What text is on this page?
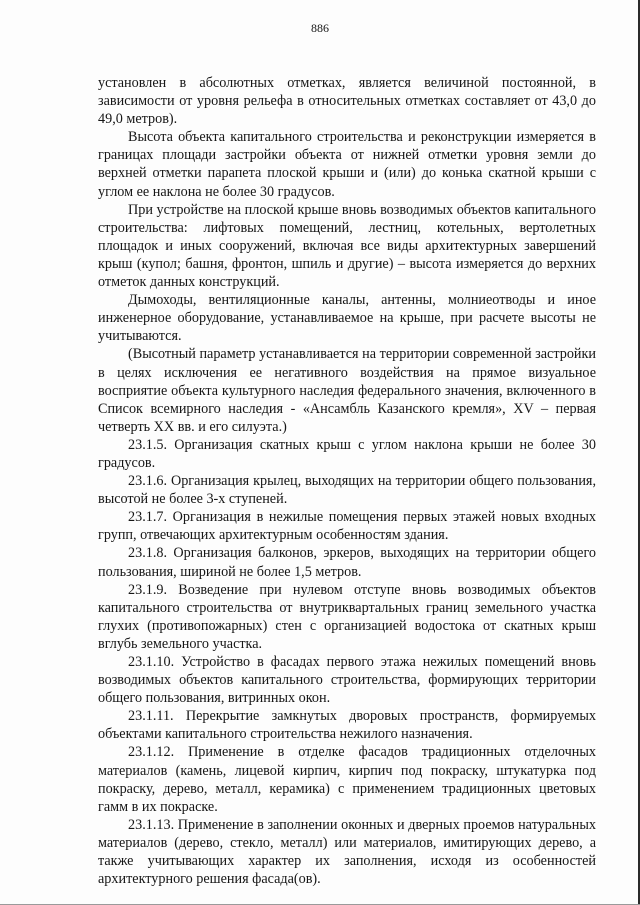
886

установлен в абсолютных отметках, является величиной постоянной, в зависимости от уровня рельефа в относительных отметках составляет от 43,0 до 49,0 метров).

Высота объекта капитального строительства и реконструкции измеряется в границах площади застройки объекта от нижней отметки уровня земли до верхней отметки парапета плоской крыши и (или) до конька скатной крыши с углом ее наклона не более 30 градусов.

При устройстве на плоской крыше вновь возводимых объектов капитального строительства: лифтовых помещений, лестниц, котельных, вертолетных площадок и иных сооружений, включая все виды архитектурных завершений крыш (купол; башня, фронтон, шпиль и другие) – высота измеряется до верхних отметок данных конструкций.

Дымоходы, вентиляционные каналы, антенны, молниеотводы и иное инженерное оборудование, устанавливаемое на крыше, при расчете высоты не учитываются.

(Высотный параметр устанавливается на территории современной застройки в целях исключения ее негативного воздействия на прямое визуальное восприятие объекта культурного наследия федерального значения, включенного в Список всемирного наследия - «Ансамбль Казанского кремля», XV – первая четверть XX вв. и его силуэта.)

23.1.5. Организация скатных крыш с углом наклона крыши не более 30 градусов.

23.1.6. Организация крылец, выходящих на территории общего пользования, высотой не более 3-х ступеней.

23.1.7. Организация в нежилые помещения первых этажей новых входных групп, отвечающих архитектурным особенностям здания.

23.1.8. Организация балконов, эркеров, выходящих на территории общего пользования, шириной не более 1,5 метров.

23.1.9. Возведение при нулевом отступе вновь возводимых объектов капитального строительства от внутриквартальных границ земельного участка глухих (противопожарных) стен с организацией водостока от скатных крыш вглубь земельного участка.

23.1.10. Устройство в фасадах первого этажа нежилых помещений вновь возводимых объектов капитального строительства, формирующих территории общего пользования, витринных окон.

23.1.11. Перекрытие замкнутых дворовых пространств, формируемых объектами капитального строительства нежилого назначения.

23.1.12. Применение в отделке фасадов традиционных отделочных материалов (камень, лицевой кирпич, кирпич под покраску, штукатурка под покраску, дерево, металл, керамика) с применением традиционных цветовых гамм в их покраске.

23.1.13. Применение в заполнении оконных и дверных проемов натуральных материалов (дерево, стекло, металл) или материалов, имитирующих дерево, а также учитывающих характер их заполнения, исходя из особенностей архитектурного решения фасада(ов).
